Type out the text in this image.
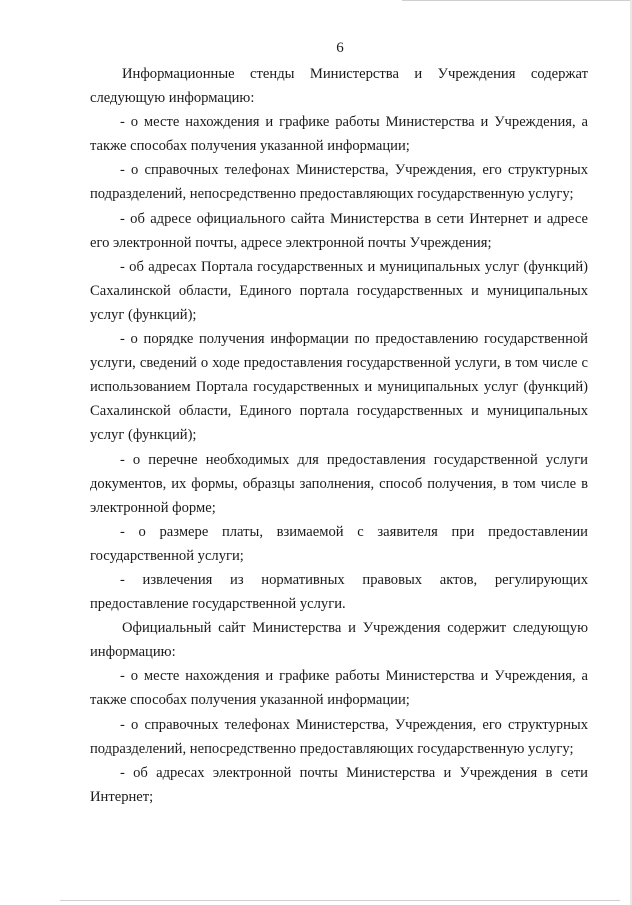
6

Информационные стенды Министерства и Учреждения содержат следующую информацию:

- о месте нахождения и графике работы Министерства и Учреждения, а также способах получения указанной информации;

- о справочных телефонах Министерства, Учреждения, его структурных подразделений, непосредственно предоставляющих государственную услугу;

- об адресе официального сайта Министерства в сети Интернет и адресе его электронной почты, адресе электронной почты Учреждения;

- об адресах Портала государственных и муниципальных услуг (функций) Сахалинской области, Единого портала государственных и муниципальных услуг (функций);

- о порядке получения информации по предоставлению государственной услуги, сведений о ходе предоставления государственной услуги, в том числе с использованием Портала государственных и муниципальных услуг (функций) Сахалинской области, Единого портала государственных и муниципальных услуг (функций);

- о перечне необходимых для предоставления государственной услуги документов, их формы, образцы заполнения, способ получения, в том числе в электронной форме;

- о размере платы, взимаемой с заявителя при предоставлении государственной услуги;

- извлечения из нормативных правовых актов, регулирующих предоставление государственной услуги.

Официальный сайт Министерства и Учреждения содержит следующую информацию:

- о месте нахождения и графике работы Министерства и Учреждения, а также способах получения указанной информации;

- о справочных телефонах Министерства, Учреждения, его структурных подразделений, непосредственно предоставляющих государственную услугу;

- об адресах электронной почты Министерства и Учреждения в сети Интернет;
